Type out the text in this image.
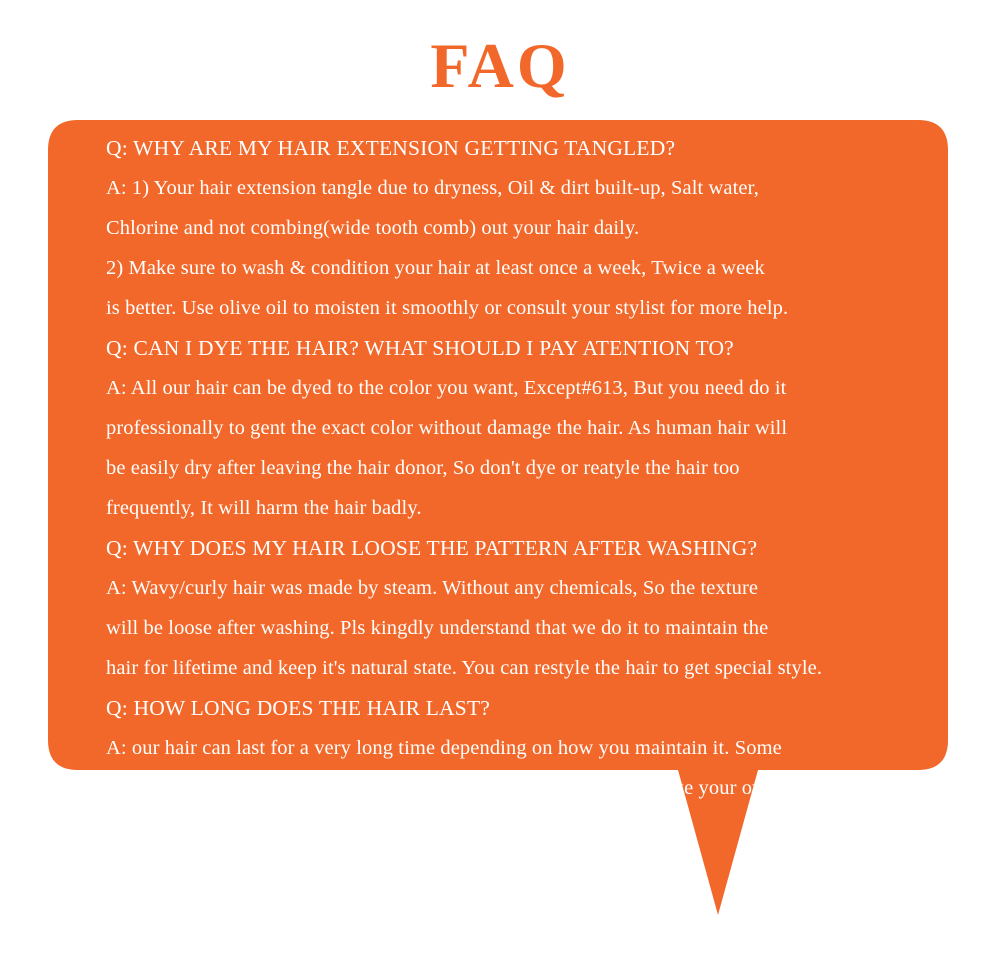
FAQ
Q: WHY ARE MY HAIR EXTENSION GETTING TANGLED?
A: 1) Your hair extension tangle due to dryness, Oil & dirt built-up, Salt water,
Chlorine and not combing(wide tooth comb) out your hair daily.
2) Make sure to wash & condition your hair at least once a week, Twice a week
is better. Use olive oil to moisten it smoothly or consult your stylist for more help.
Q: CAN I DYE THE HAIR? WHAT SHOULD I PAY ATENTION TO?
A: All our hair can be dyed to the color you want, Except#613, But you need do it
professionally to gent the exact color without damage the hair. As human hair will
be easily dry after leaving the hair donor, So don't dye or reatyle the hair too
frequently, It will harm the hair badly.
Q: WHY DOES MY HAIR LOOSE THE PATTERN AFTER WASHING?
A: Wavy/curly hair was made by steam. Without any chemicals, So the texture
will be loose after washing. Pls kingdly understand that we do it to maintain the
hair for lifetime and keep it's natural state. You can restyle the hair to get special style.
Q: HOW LONG DOES THE HAIR LAST?
A: our hair can last for a very long time depending on how you maintain it. Some
customer care it very well and use it more than 12 months. Treat it like your own hair
and take very good care of it to last longer.
